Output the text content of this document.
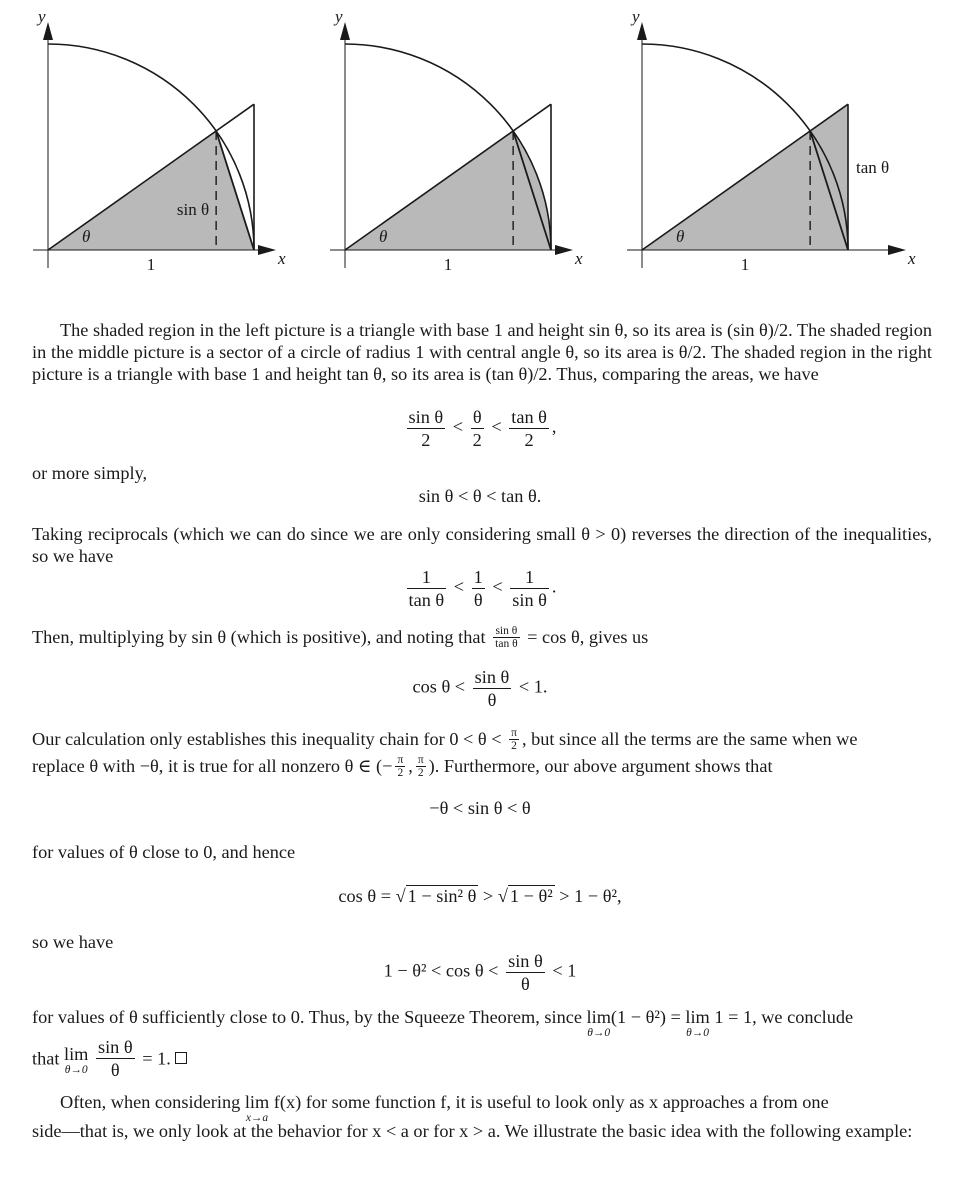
y
x
θ
1
sin θ
y
x
θ
1
y
x
θ
1
tan θ
The shaded region in the left picture is a triangle with base 1 and height sin θ, so its area is (sin θ)/2. The shaded region in the middle picture is a sector of a circle of radius 1 with central angle θ, so its area is θ/2. The shaded region in the right picture is a triangle with base 1 and height tan θ, so its area is (tan θ)/2. Thus, comparing the areas, we have
$\frac{\text{sin θ}}{2} < \frac{\theta}{2} < \frac{\text{tan θ}}{2}$ ,
or more simply,
sin θ < θ < tan θ.
Taking reciprocals (which we can do since we are only considering small θ > 0) reverses the direction of the inequalities, so we have
$\frac{1}{\text{tan θ}} < \frac{1}{\theta} < \frac{1}{\text{sin θ}}$ .
Then, multiplying by sin θ (which is positive), and noting that $\frac{\text{sin θ}}{\text{tan θ}} = \cos \theta$, gives us
$\cos \theta < \frac{\text{sin θ}}{\theta} < 1$.
Our calculation only establishes this inequality chain for $0 < \theta < \frac{\pi}{2}$ , but since all the terms are the same when we
replace θ with −θ, it is true for all nonzero θ ∈ (− $\frac{\pi}{2}$ , $\frac{\pi}{2}$ ). Furthermore, our above argument shows that
−θ < sin θ < θ
for values of θ close to 0, and hence
cos θ = √ 1 − sin² θ > √ 1 − θ² > 1 − θ²,
so we have
$1 - \theta^2 < \cos \theta < \frac{\text{sin θ}}{\theta} < 1$
for values of θ sufficiently close to 0. Thus, by the Squeeze Theorem, since lim
θ→0
(1 − θ²) = lim
θ→0
1 = 1, we conclude
that lim
θ→0
$\frac{\text{sin θ}}{\theta} = 1$.
Often, when considering lim
x→a
f(x) for some function f, it is useful to look only as x approaches a from one
side—that is, we only look at the behavior for x < a or for x > a. We illustrate the basic idea with the following example:
